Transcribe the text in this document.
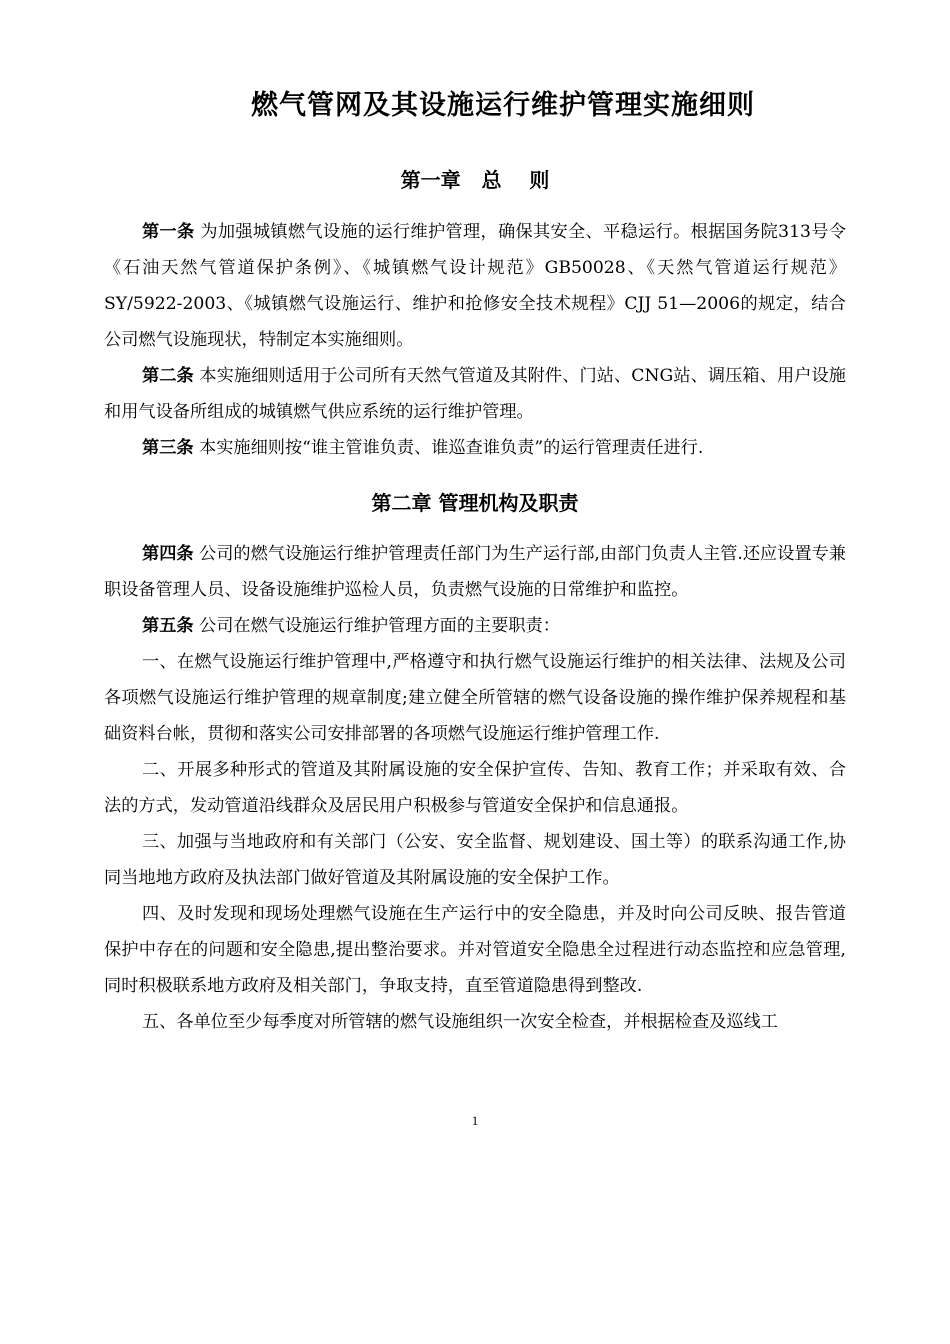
燃气管网及其设施运行维护管理实施细则
第一章   总    则

第一条 为加强城镇燃气设施的运行维护管理，确保其安全、平稳运行。根据国务院313号令《石油天然气管道保护条例》、《城镇燃气设计规范》GB50028、《天然气管道运行规范》SY/5922-2003、《城镇燃气设施运行、维护和抢修安全技术规程》CJJ 51—2006的规定，结合公司燃气设施现状，特制定本实施细则。

第二条 本实施细则适用于公司所有天然气管道及其附件、门站、CNG站、调压箱、用户设施和用气设备所组成的城镇燃气供应系统的运行维护管理。

第三条 本实施细则按“谁主管谁负责、谁巡查谁负责”的运行管理责任进行.

第二章 管理机构及职责

第四条 公司的燃气设施运行维护管理责任部门为生产运行部,由部门负责人主管.还应设置专兼职设备管理人员、设备设施维护巡检人员，负责燃气设施的日常维护和监控。

第五条 公司在燃气设施运行维护管理方面的主要职责：

一、在燃气设施运行维护管理中,严格遵守和执行燃气设施运行维护的相关法律、法规及公司各项燃气设施运行维护管理的规章制度;建立健全所管辖的燃气设备设施的操作维护保养规程和基础资料台帐，贯彻和落实公司安排部署的各项燃气设施运行维护管理工作.

二、开展多种形式的管道及其附属设施的安全保护宣传、告知、教育工作；并采取有效、合法的方式，发动管道沿线群众及居民用户积极参与管道安全保护和信息通报。

三、加强与当地政府和有关部门（公安、安全监督、规划建设、国土等）的联系沟通工作,协同当地地方政府及执法部门做好管道及其附属设施的安全保护工作。

四、及时发现和现场处理燃气设施在生产运行中的安全隐患，并及时向公司反映、报告管道保护中存在的问题和安全隐患,提出整治要求。并对管道安全隐患全过程进行动态监控和应急管理,同时积极联系地方政府及相关部门，争取支持，直至管道隐患得到整改.

五、各单位至少每季度对所管辖的燃气设施组织一次安全检查，并根据检查及巡线工

1
